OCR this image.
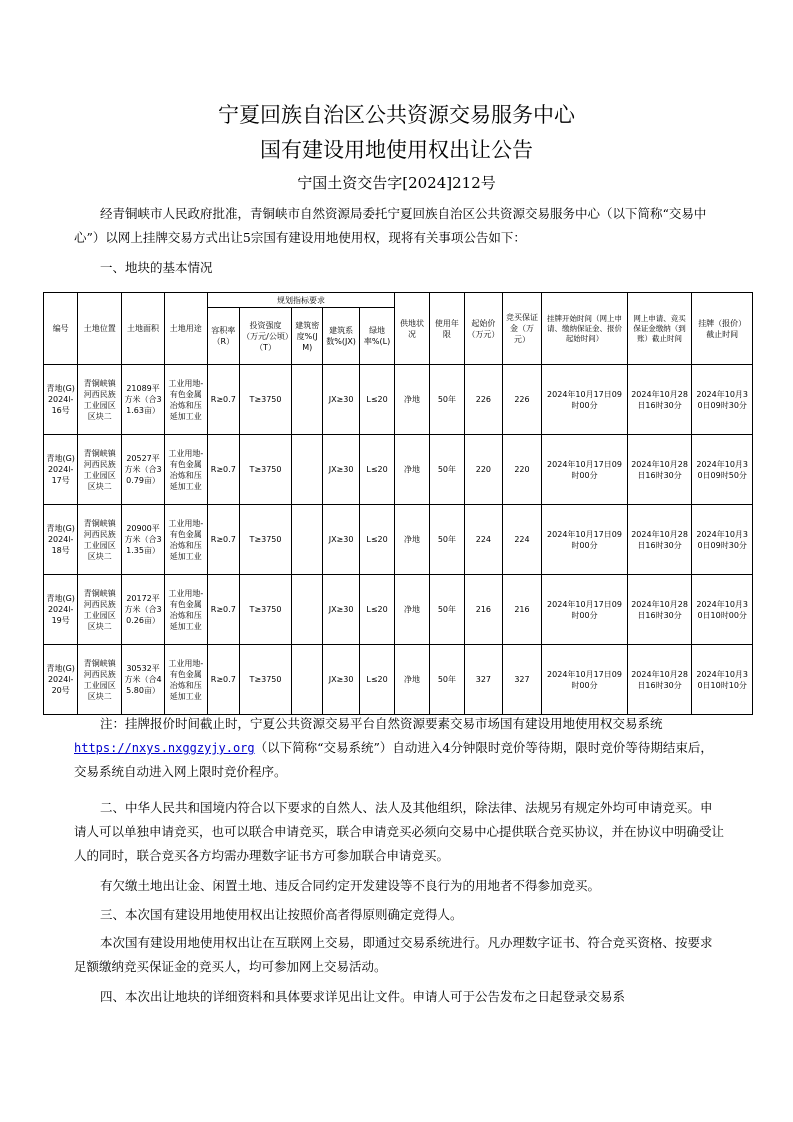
宁夏回族自治区公共资源交易服务中心
国有建设用地使用权出让公告
宁国土资交告字[2024]212号
经青铜峡市人民政府批准，青铜峡市自然资源局委托宁夏回族自治区公共资源交易服务中心（以下简称“交易中心”）以网上挂牌交易方式出让5宗国有建设用地使用权，现将有关事项公告如下：
一、地块的基本情况
编号	土地位置	土地面积	土地用途	规划指标要求					供地状况	使用年限	起始价（万元）	竞买保证金（万元）	挂牌开始时间（网上申请、缴纳保证金、报价起始时间）	网上申请、竞买保证金缴纳（到账）截止时间	挂牌（报价）截止时间
				容积率（R）	投资强度（万元/公顷）（T）	建筑密度%(JM)	建筑系数%(JX)	绿地率%(L)							
青地(G)2024l-16号	青铜峡镇河西民族工业园区区块二	21089平方米（合31.63亩）	工业用地-有色金属冶炼和压延加工业	R≥0.7	T≥3750		JX≥30	L≤20	净地	50年	226	226	2024年10月17日09时00分	2024年10月28日16时30分	2024年10月30日09时30分
青地(G)2024l-17号	青铜峡镇河西民族工业园区区块二	20527平方米（合30.79亩）	工业用地-有色金属冶炼和压延加工业	R≥0.7	T≥3750		JX≥30	L≤20	净地	50年	220	220	2024年10月17日09时00分	2024年10月28日16时30分	2024年10月30日09时50分
青地(G)2024l-18号	青铜峡镇河西民族工业园区区块二	20900平方米（合31.35亩）	工业用地-有色金属冶炼和压延加工业	R≥0.7	T≥3750		JX≥30	L≤20	净地	50年	224	224	2024年10月17日09时00分	2024年10月28日16时30分	2024年10月30日09时30分
青地(G)2024l-19号	青铜峡镇河西民族工业园区区块二	20172平方米（合30.26亩）	工业用地-有色金属冶炼和压延加工业	R≥0.7	T≥3750		JX≥30	L≤20	净地	50年	216	216	2024年10月17日09时00分	2024年10月28日16时30分	2024年10月30日10时00分
青地(G)2024l-20号	青铜峡镇河西民族工业园区区块二	30532平方米（合45.80亩）	工业用地-有色金属冶炼和压延加工业	R≥0.7	T≥3750		JX≥30	L≤20	净地	50年	327	327	2024年10月17日09时00分	2024年10月28日16时30分	2024年10月30日10时10分
注：挂牌报价时间截止时，宁夏公共资源交易平台自然资源要素交易市场国有建设用地使用权交易系统https://nxys.nxggzyjy.org（以下简称“交易系统”）自动进入4分钟限时竞价等待期，限时竞价等待期结束后，交易系统自动进入网上限时竞价程序。
二、中华人民共和国境内符合以下要求的自然人、法人及其他组织，除法律、法规另有规定外均可申请竞买。申请人可以单独申请竞买，也可以联合申请竞买，联合申请竞买必须向交易中心提供联合竞买协议，并在协议中明确受让人的同时，联合竞买各方均需办理数字证书方可参加联合申请竞买。
有欠缴土地出让金、闲置土地、违反合同约定开发建设等不良行为的用地者不得参加竞买。
三、本次国有建设用地使用权出让按照价高者得原则确定竞得人。
本次国有建设用地使用权出让在互联网上交易，即通过交易系统进行。凡办理数字证书、符合竞买资格、按要求足额缴纳竞买保证金的竞买人，均可参加网上交易活动。
四、本次出让地块的详细资料和具体要求详见出让文件。申请人可于公告发布之日起登录交易系
